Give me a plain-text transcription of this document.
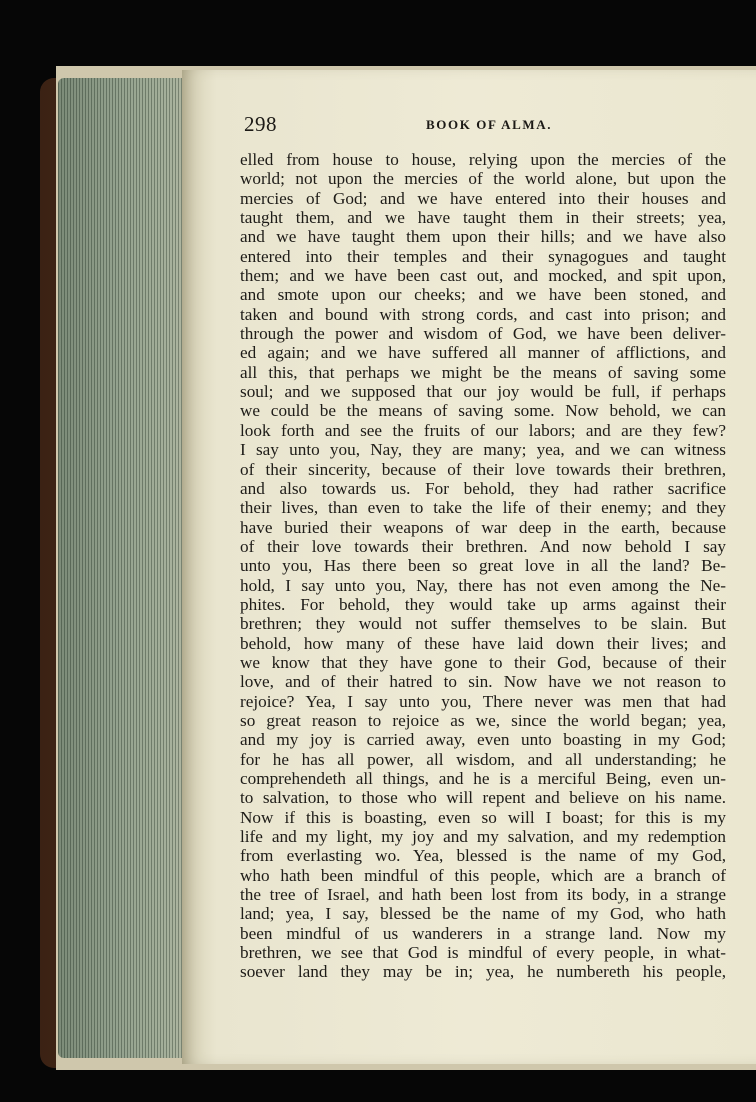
298	BOOK OF ALMA.
elled from house to house, relying upon the mercies of the
world; not upon the mercies of the world alone, but upon the
mercies of God; and we have entered into their houses and
taught them, and we have taught them in their streets; yea,
and we have taught them upon their hills; and we have also
entered into their temples and their synagogues and taught
them; and we have been cast out, and mocked, and spit upon,
and smote upon our cheeks; and we have been stoned, and
taken and bound with strong cords, and cast into prison; and
through the power and wisdom of God, we have been deliver-
ed again; and we have suffered all manner of afflictions, and
all this, that perhaps we might be the means of saving some
soul; and we supposed that our joy would be full, if perhaps
we could be the means of saving some. Now behold, we can
look forth and see the fruits of our labors; and are they few?
I say unto you, Nay, they are many; yea, and we can witness
of their sincerity, because of their love towards their brethren,
and also towards us. For behold, they had rather sacrifice
their lives, than even to take the life of their enemy; and they
have buried their weapons of war deep in the earth, because
of their love towards their brethren. And now behold I say
unto you, Has there been so great love in all the land? Be-
hold, I say unto you, Nay, there has not even among the Ne-
phites. For behold, they would take up arms against their
brethren; they would not suffer themselves to be slain. But
behold, how many of these have laid down their lives; and
we know that they have gone to their God, because of their
love, and of their hatred to sin. Now have we not reason to
rejoice? Yea, I say unto you, There never was men that had
so great reason to rejoice as we, since the world began; yea,
and my joy is carried away, even unto boasting in my God;
for he has all power, all wisdom, and all understanding; he
comprehendeth all things, and he is a merciful Being, even un-
to salvation, to those who will repent and believe on his name.
Now if this is boasting, even so will I boast; for this is my
life and my light, my joy and my salvation, and my redemption
from everlasting wo. Yea, blessed is the name of my God,
who hath been mindful of this people, which are a branch of
the tree of Israel, and hath been lost from its body, in a strange
land; yea, I say, blessed be the name of my God, who hath
been mindful of us wanderers in a strange land. Now my
brethren, we see that God is mindful of every people, in what-
soever land they may be in; yea, he numbereth his people,
